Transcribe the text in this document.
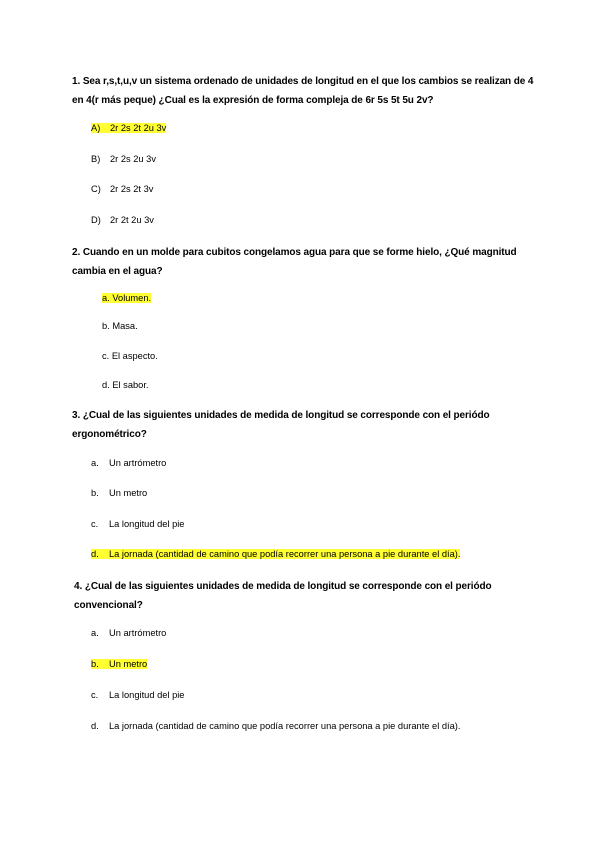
1. Sea r,s,t,u,v un sistema ordenado de unidades de longitud en el que los cambios se realizan de 4 en 4(r más peque) ¿Cual es la expresión de forma compleja de 6r 5s 5t 5u 2v?
A) 2r 2s 2t 2u 3v
B) 2r 2s 2u 3v
C) 2r 2s 2t 3v
D) 2r 2t 2u 3v
2. Cuando en un molde para cubitos congelamos agua para que se forme hielo, ¿Qué magnitud cambia en el agua?
a. Volumen.
b. Masa.
c. El aspecto.
d. El sabor.
3. ¿Cual de las siguientes unidades de medida de longitud se corresponde con el periódo ergonométrico?
a. Un artrómetro
b. Un metro
c. La longitud del pie
d. La jornada (cantidad de camino que podía recorrer una persona a pie durante el día).
4. ¿Cual de las siguientes unidades de medida de longitud se corresponde con el periódo convencional?
a. Un artrómetro
b. Un metro
c. La longitud del pie
d. La jornada (cantidad de camino que podía recorrer una persona a pie durante el día).
